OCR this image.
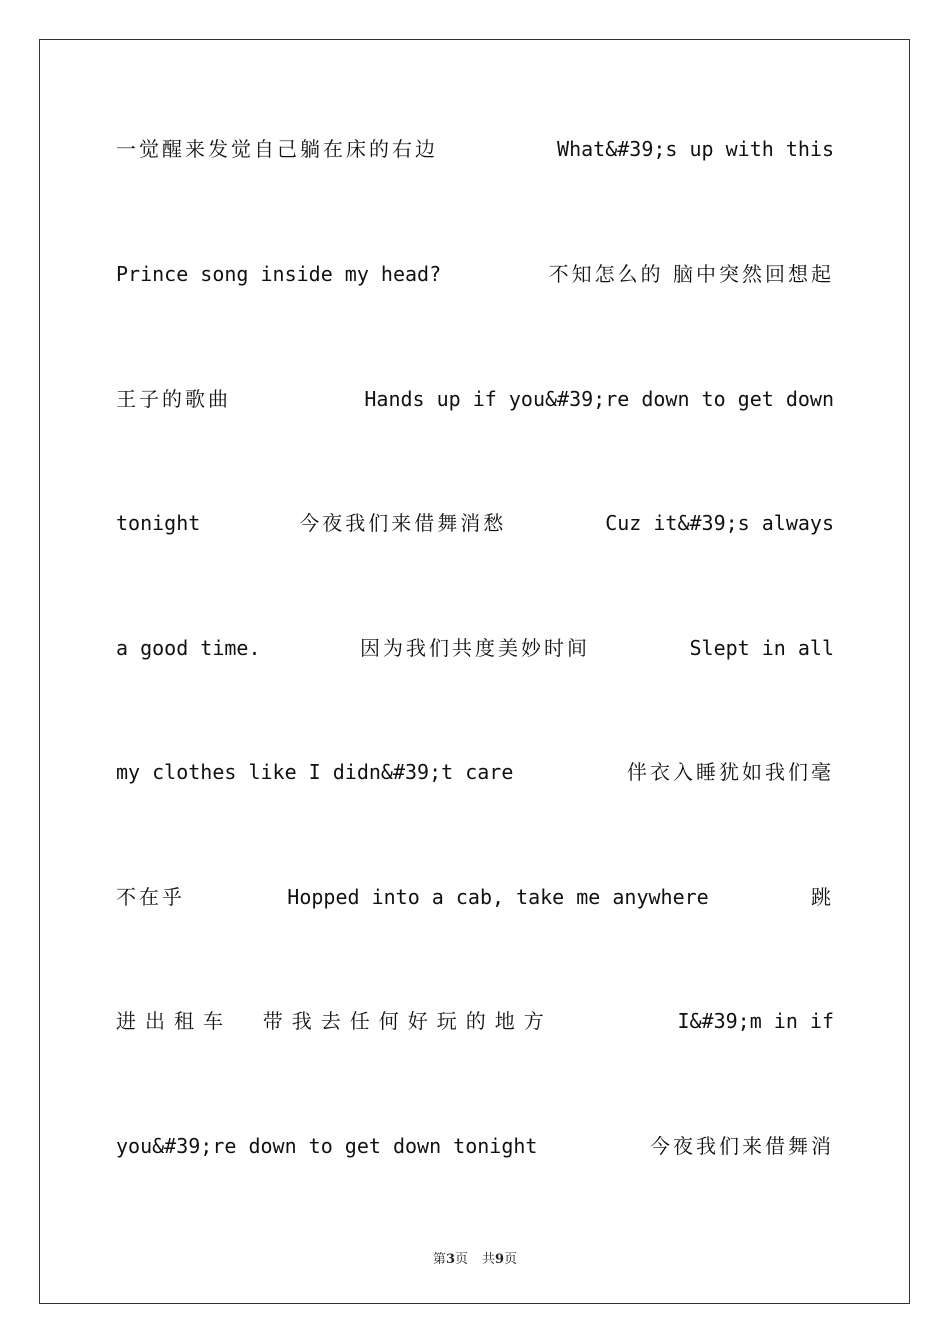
一觉醒来发觉自己躺在床的右边	What&#39;s up with this
Prince song inside my head?	不知怎么的 脑中突然回想起
王子的歌曲	Hands up if you&#39;re down to get down
tonight	今夜我们来借舞消愁	Cuz it&#39;s always
a good time.	因为我们共度美妙时间	Slept in all
my clothes like I didn&#39;t care	伴衣入睡犹如我们毫
不在乎	Hopped into a cab, take me anywhere	跳
进出租车  带我去任何好玩的地方	I&#39;m in if
you&#39;re down to get down tonight	今夜我们来借舞消
第3页 共9页
